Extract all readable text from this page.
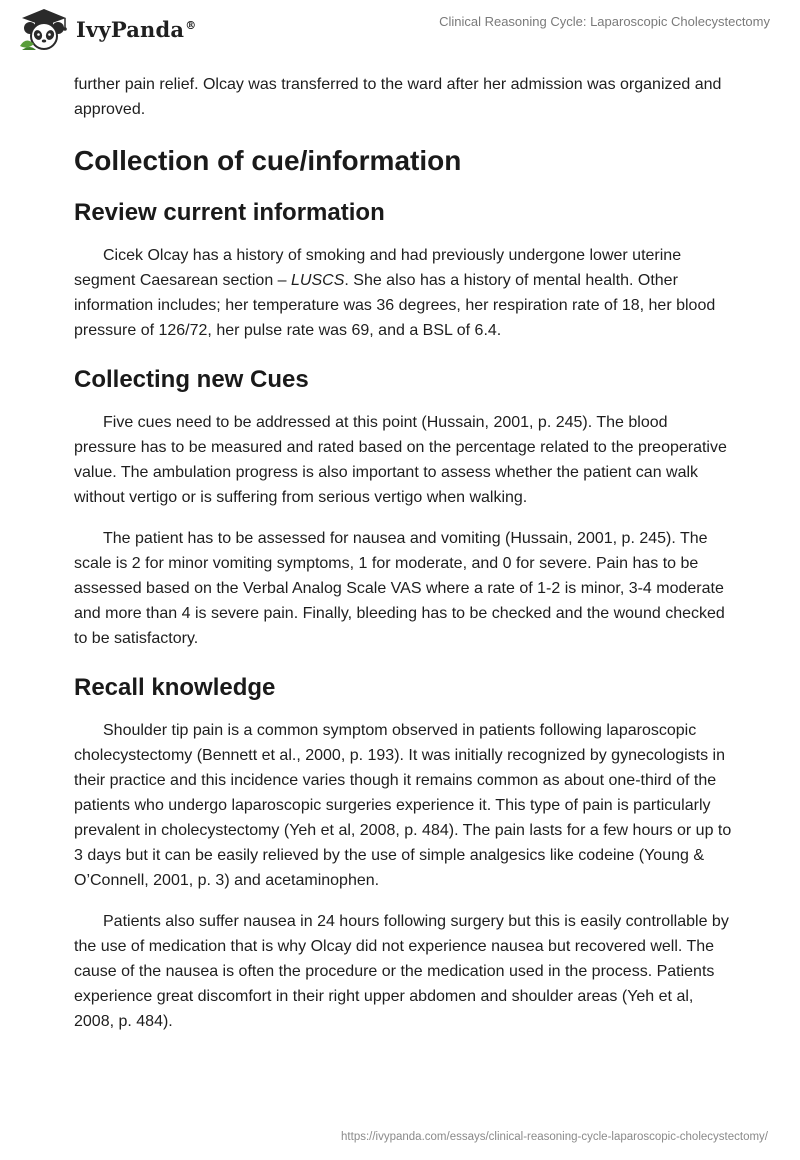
IvyPanda®	Clinical Reasoning Cycle: Laparoscopic Cholecystectomy

further pain relief. Olcay was transferred to the ward after her admission was organized and approved.

Collection of cue/information
Review current information

Cicek Olcay has a history of smoking and had previously undergone lower uterine segment Caesarean section – LUSCS. She also has a history of mental health. Other information includes; her temperature was 36 degrees, her respiration rate of 18, her blood pressure of 126/72, her pulse rate was 69, and a BSL of 6.4.

Collecting new Cues

Five cues need to be addressed at this point (Hussain, 2001, p. 245). The blood pressure has to be measured and rated based on the percentage related to the preoperative value. The ambulation progress is also important to assess whether the patient can walk without vertigo or is suffering from serious vertigo when walking.

The patient has to be assessed for nausea and vomiting (Hussain, 2001, p. 245). The scale is 2 for minor vomiting symptoms, 1 for moderate, and 0 for severe. Pain has to be assessed based on the Verbal Analog Scale VAS where a rate of 1-2 is minor, 3-4 moderate and more than 4 is severe pain. Finally, bleeding has to be checked and the wound checked to be satisfactory.

Recall knowledge

Shoulder tip pain is a common symptom observed in patients following laparoscopic cholecystectomy (Bennett et al., 2000, p. 193). It was initially recognized by gynecologists in their practice and this incidence varies though it remains common as about one-third of the patients who undergo laparoscopic surgeries experience it. This type of pain is particularly prevalent in cholecystectomy (Yeh et al, 2008, p. 484). The pain lasts for a few hours or up to 3 days but it can be easily relieved by the use of simple analgesics like codeine (Young & O’Connell, 2001, p. 3) and acetaminophen.

Patients also suffer nausea in 24 hours following surgery but this is easily controllable by the use of medication that is why Olcay did not experience nausea but recovered well. The cause of the nausea is often the procedure or the medication used in the process. Patients experience great discomfort in their right upper abdomen and shoulder areas (Yeh et al, 2008, p. 484).

https://ivypanda.com/essays/clinical-reasoning-cycle-laparoscopic-cholecystectomy/
